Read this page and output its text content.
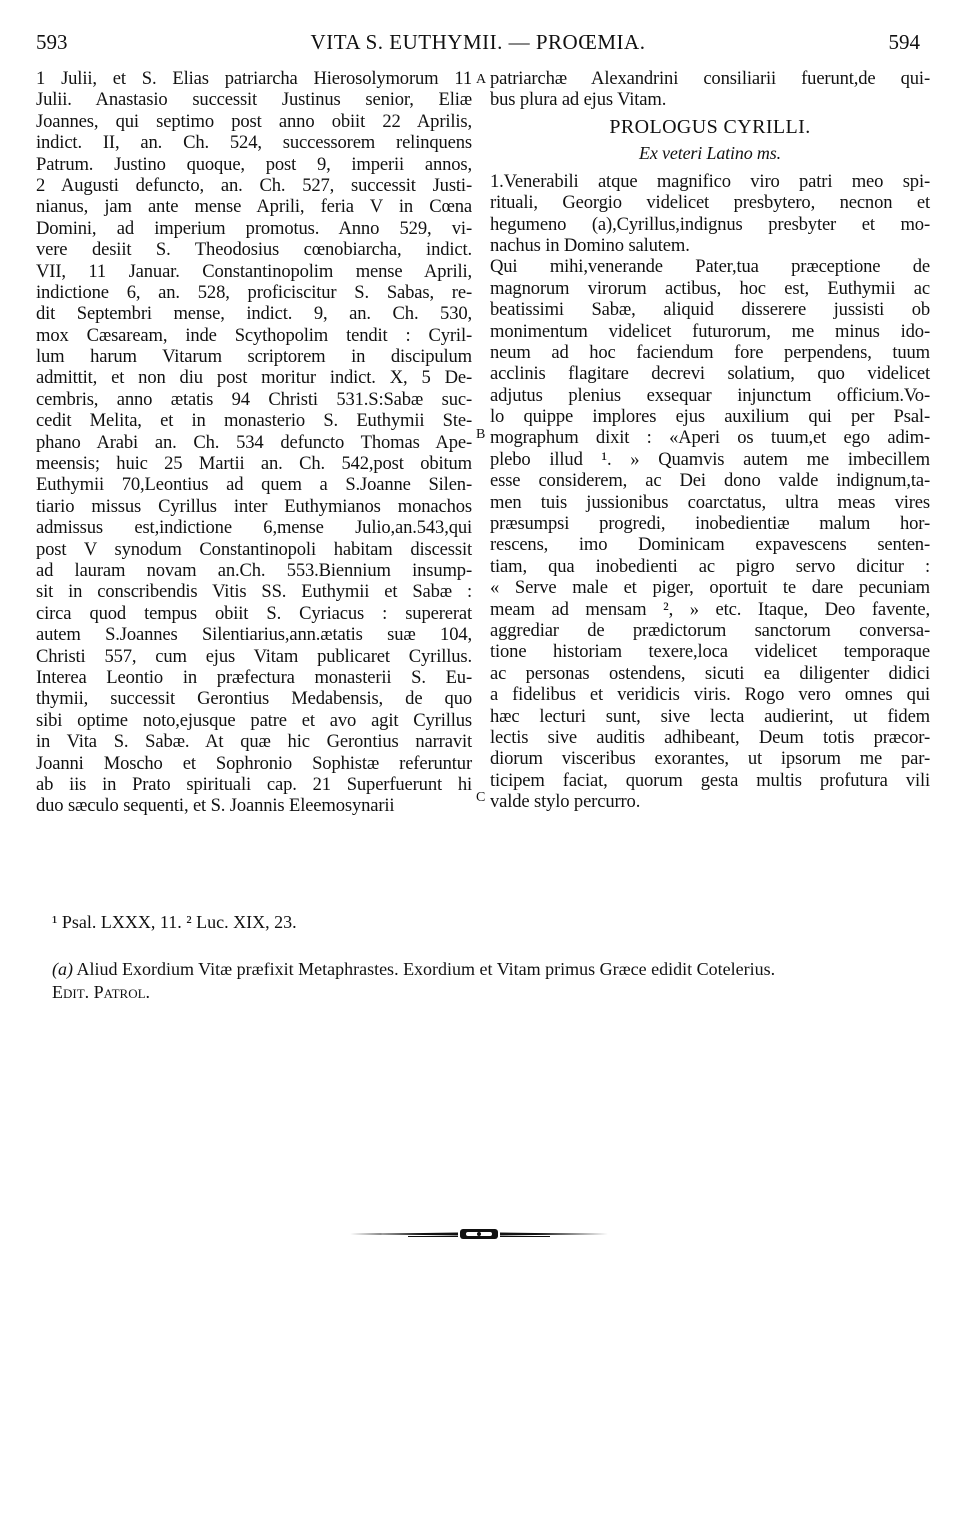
593	VITA S. EUTHYMII. — PROŒMIA.	594
1 Julii, et S. Elias patriarcha Hierosolymorum 11
Julii. Anastasio successit Justinus senior, Eliæ
Joannes, qui septimo post anno obiit 22 Aprilis,
indict. II, an. Ch. 524, successorem relinquens
Patrum. Justino quoque, post 9, imperii annos,
2 Augusti defuncto, an. Ch. 527, successit Justi-
nianus, jam ante mense Aprili, feria V in Cœna
Domini, ad imperium promotus. Anno 529, vi-
vere desiit S. Theodosius cœnobiarcha, indict.
VII, 11 Januar. Constantinopolim mense Aprili,
indictione 6, an. 528, proficiscitur S. Sabas, re-
dit Septembri mense, indict. 9, an. Ch. 530,
mox Cæsaream, inde Scythopolim tendit : Cyril-
lum harum Vitarum scriptorem in discipulum
admittit, et non diu post moritur indict. X, 5 De-
cembris, anno ætatis 94 Christi 531.S:Sabæ suc-
cedit Melita, et in monasterio S. Euthymii Ste-
phano Arabi an. Ch. 534 defuncto Thomas Ape-
meensis; huic 25 Martii an. Ch. 542,post obitum
Euthymii 70,Leontius ad quem a S.Joanne Silen-
tiario missus Cyrillus inter Euthymianos monachos
admissus est,indictione 6,mense Julio,an.543,qui
post V synodum Constantinopoli habitam discessit
ad lauram novam an.Ch. 553.Biennium insump-
sit in conscribendis Vitis SS. Euthymii et Sabæ :
circa quod tempus obiit S. Cyriacus : supererat
autem S.Joannes Silentiarius,ann.ætatis suæ 104,
Christi 557, cum ejus Vitam publicaret Cyrillus.
Interea Leontio in præfectura monasterii S. Eu-
thymii, successit Gerontius Medabensis, de quo
sibi optime noto,ejusque patre et avo agit Cyrillus
in Vita S. Sabæ. At quæ hic Gerontius narravit
Joanni Moscho et Sophronio Sophistæ referuntur
ab iis in Prato spirituali cap. 21 Superfuerunt hi
duo sæculo sequenti, et S. Joannis Eleemosynarii
patriarchæ Alexandrini consiliarii fuerunt,de qui-
bus plura ad ejus Vitam.
PROLOGUS CYRILLI.
Ex veteri Latino ms.
1.Venerabili atque magnifico viro patri meo spi-
rituali, Georgio videlicet presbytero, necnon et
hegumeno (a),Cyrillus,indignus presbyter et mo-
nachus in Domino salutem.
Qui mihi,venerande Pater,tua præceptione de
magnorum virorum actibus, hoc est, Euthymii ac
beatissimi Sabæ, aliquid disserere jussisti ob
monimentum videlicet futurorum, me minus ido-
neum ad hoc faciendum fore perpendens, tuum
acclinis flagitare decrevi solatium, quo videlicet
adjutus plenius exsequar injunctum officium.Vo-
lo quippe implores ejus auxilium qui per Psal-
mographum dixit : «Aperi os tuum,et ego adim-
plebo illud ¹. » Quamvis autem me imbecillem
esse considerem, ac Dei dono valde indignum,ta-
men tuis jussionibus coarctatus, ultra meas vires
præsumpsi progredi, inobedientiæ malum hor-
rescens, imo Dominicam expavescens senten-
tiam, qua inobedienti ac pigro servo dicitur :
« Serve male et piger, oportuit te dare pecuniam
meam ad mensam ², » etc. Itaque, Deo favente,
aggrediar de prædictorum sanctorum conversa-
tione historiam texere,loca videlicet temporaque
ac personas ostendens, sicuti ea diligenter didici
a fidelibus et veridicis viris. Rogo vero omnes qui
hæc lecturi sunt, sive lecta audierint, ut fidem
lectis sive auditis adhibeant, Deum totis præcor-
diorum visceribus exorantes, ut ipsorum me par-
ticipem faciat, quorum gesta multis profutura vili
valde stylo percurro.
A
B
C
¹ Psal. LXXX, 11. ² Luc. XIX, 23.
(a) Aliud Exordium Vitæ præfixit Metaphrastes. Exordium et Vitam primus Græce edidit Cotelerius.
Edit. Patrol.
